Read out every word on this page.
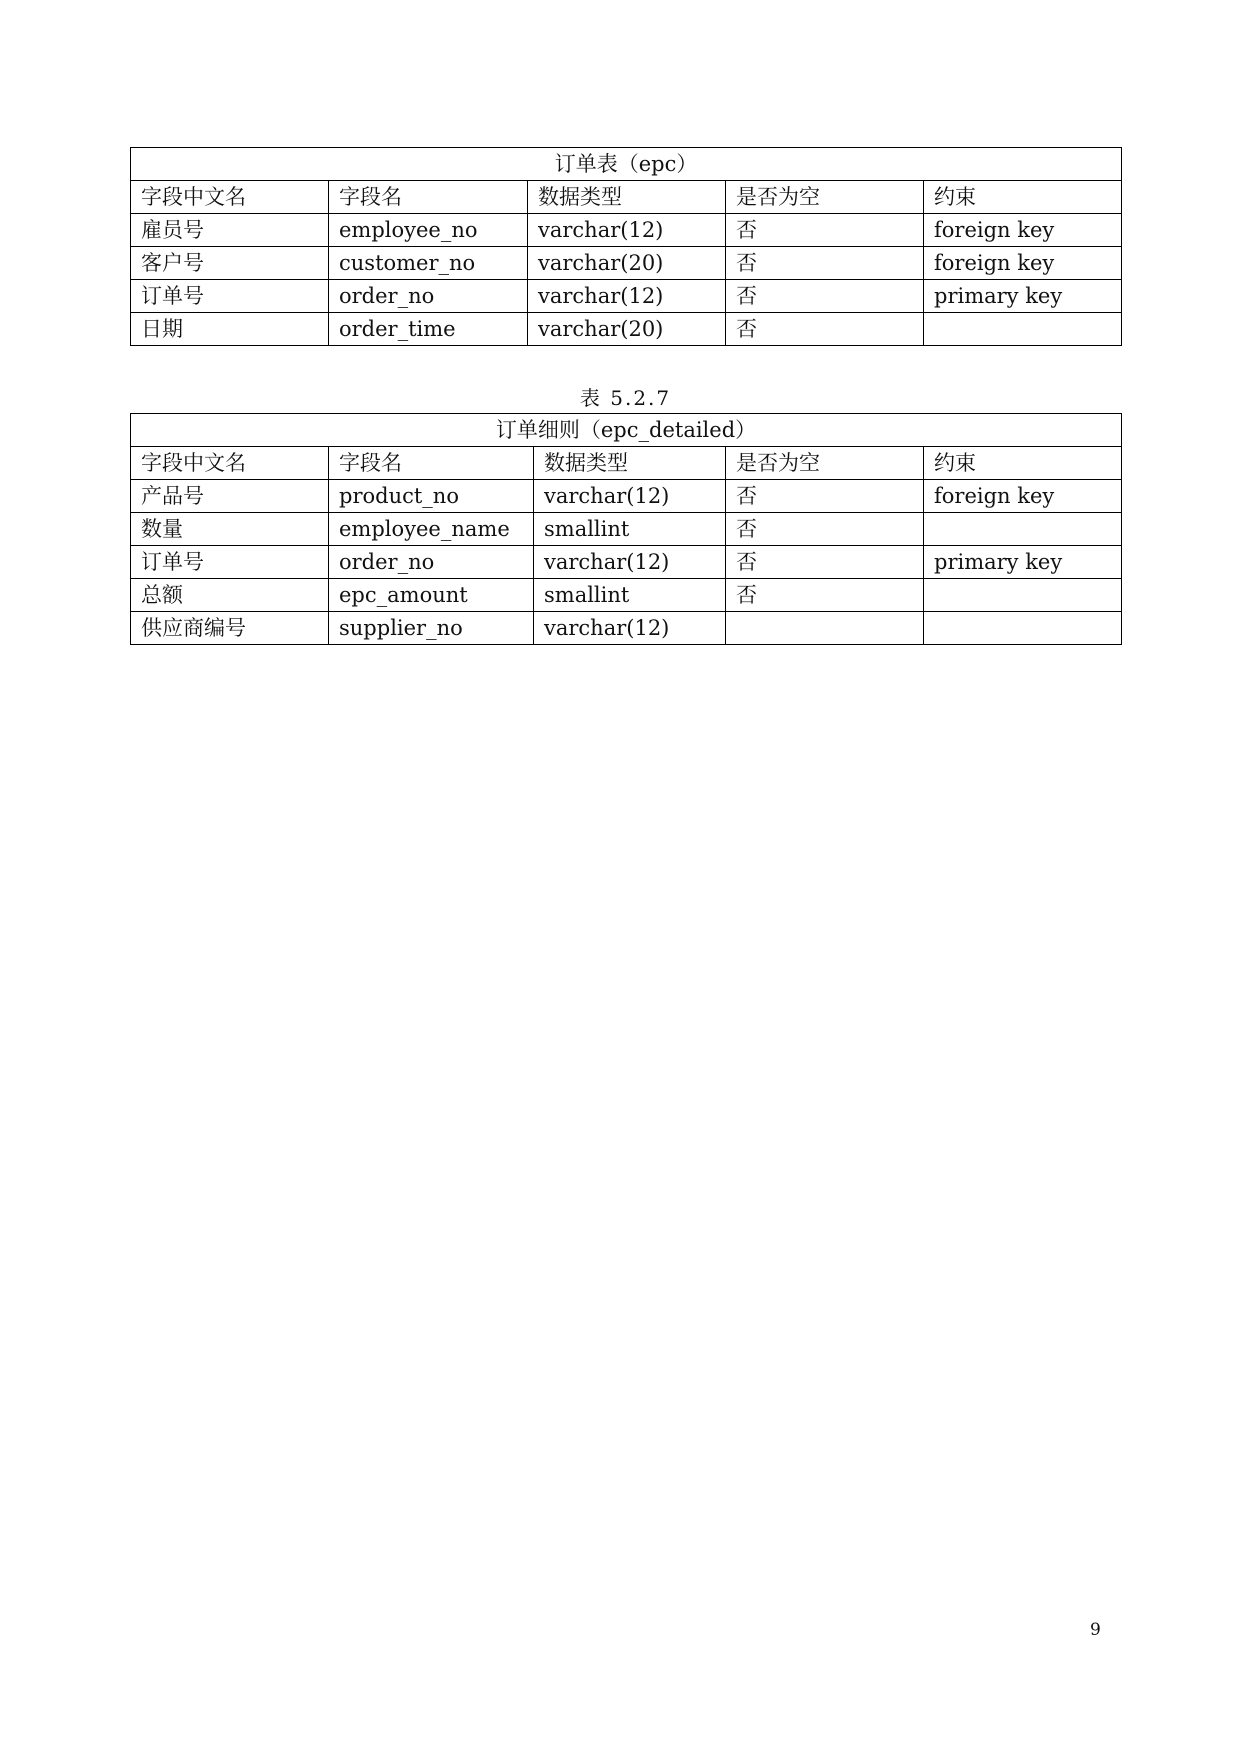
订单表（epc）				
字段中文名	字段名	数据类型	是否为空	约束
雇员号	employee_no	varchar(12)	否	foreign key
客户号	customer_no	varchar(20)	否	foreign key
订单号	order_no	varchar(12)	否	primary key
日期	order_time	varchar(20)	否	
表 5.2.7
订单细则（epc_detailed）				
字段中文名	字段名	数据类型	是否为空	约束
产品号	product_no	varchar(12)	否	foreign key
数量	employee_name	smallint	否	
订单号	order_no	varchar(12)	否	primary key
总额	epc_amount	smallint	否	
供应商编号	supplier_no	varchar(12)		
9
